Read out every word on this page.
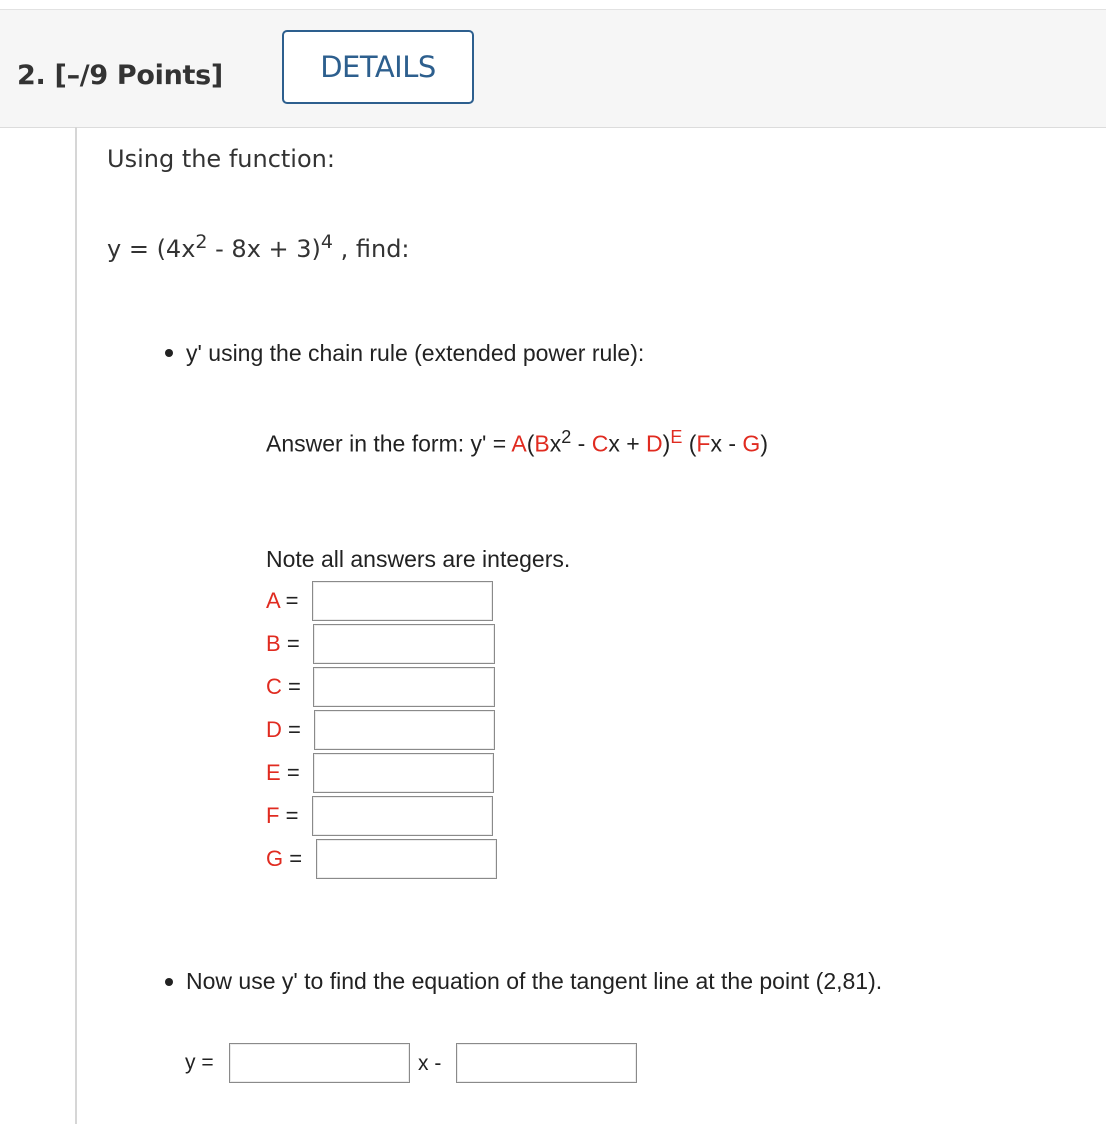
2. [–/9 Points]	DETAILS
Using the function:
$y = (4x^2 - 8x + 3)^4$ , find:
y' using the chain rule (extended power rule):
Answer in the form: $y' = A(Bx^2 - Cx + D)^E$ (Fx - G)
Note all answers are integers.
A =
B =
C =
D =
E =
F =
G =
Now use y' to find the equation of the tangent line at the point (2,81).
y =	x -
